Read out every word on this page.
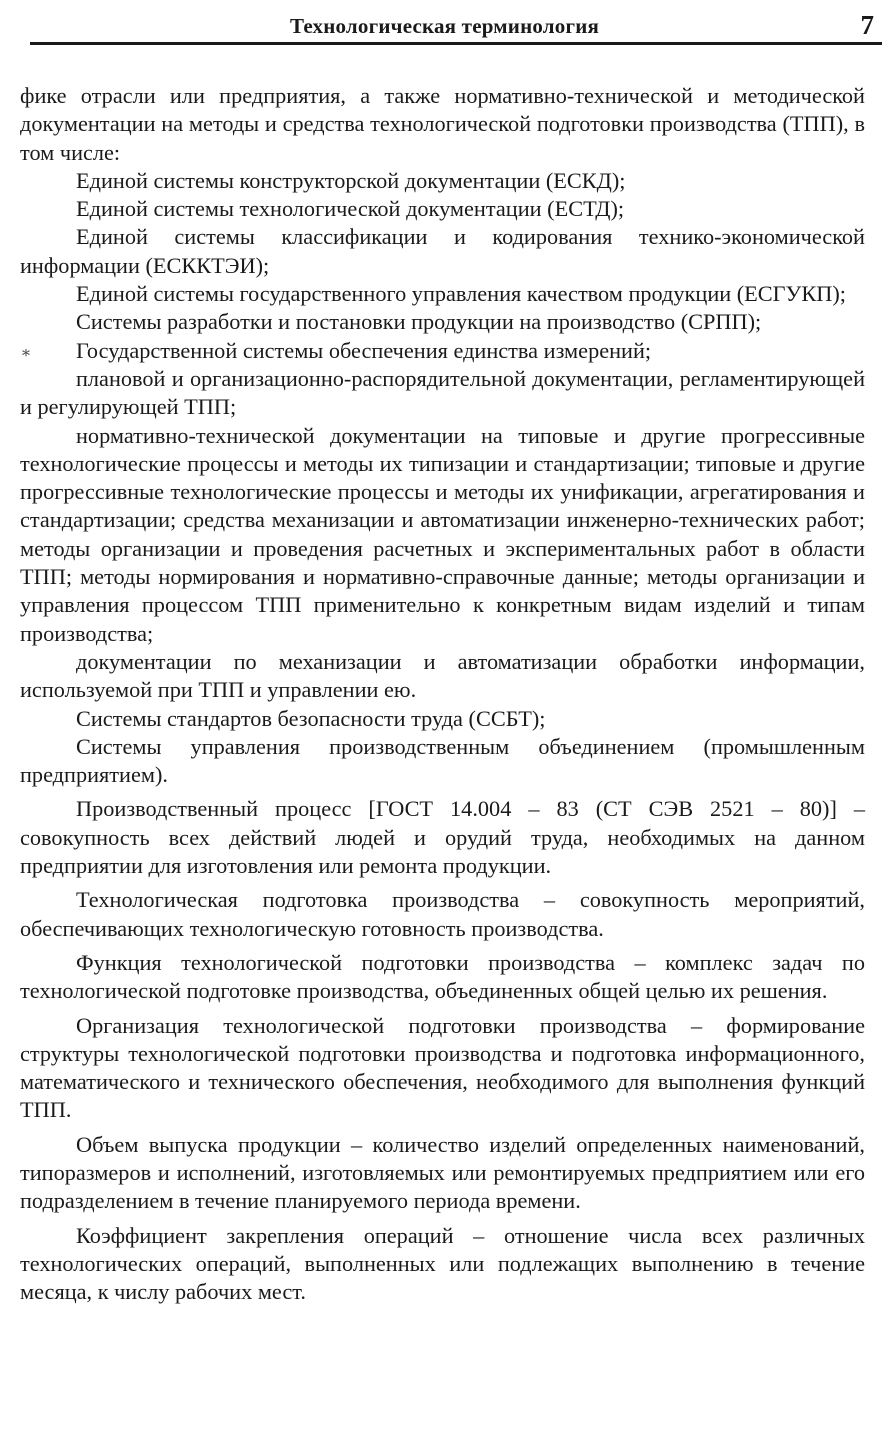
Технологическая терминология	7
*

фике отрасли или предприятия, а также нормативно-технической и методической документации на методы и средства технологической подготовки производства (ТПП), в том числе:

Единой системы конструкторской документации (ЕСКД);

Единой системы технологической документации (ЕСТД);

Единой системы классификации и кодирования технико-экономической информации (ЕСККТЭИ);

Единой системы государственного управления качеством продукции (ЕСГУКП);

Системы разработки и постановки продукции на производство (СРПП);

Государственной системы обеспечения единства измерений;

плановой и организационно-распорядительной документации, регламентирующей и регулирующей ТПП;

нормативно-технической документации на типовые и другие прогрессивные технологические процессы и методы их типизации и стандартизации; типовые и другие прогрессивные технологические процессы и методы их унификации, агрегатирования и стандартизации; средства механизации и автоматизации инженерно-технических работ; методы организации и проведения расчетных и экспериментальных работ в области ТПП; методы нормирования и нормативно-справочные данные; методы организации и управления процессом ТПП применительно к конкретным видам изделий и типам производства;

документации по механизации и автоматизации обработки информации, используемой при ТПП и управлении ею.

Системы стандартов безопасности труда (ССБТ);

Системы управления производственным объединением (промышленным предприятием).

Производственный процесс [ГОСТ 14.004 – 83 (СТ СЭВ 2521 – 80)] – совокупность всех действий людей и орудий труда, необходимых на данном предприятии для изготовления или ремонта продукции.

Технологическая подготовка производства – совокупность мероприятий, обеспечивающих технологическую готовность производства.

Функция технологической подготовки производства – комплекс задач по технологической подготовке производства, объединенных общей целью их решения.

Организация технологической подготовки производства – формирование структуры технологической подготовки производства и подготовка информационного, математического и технического обеспечения, необходимого для выполнения функций ТПП.

Объем выпуска продукции – количество изделий определенных наименований, типоразмеров и исполнений, изготовляемых или ремонтируемых предприятием или его подразделением в течение планируемого периода времени.

Коэффициент закрепления операций – отношение числа всех различных технологических операций, выполненных или подлежащих выполнению в течение месяца, к числу рабочих мест.
